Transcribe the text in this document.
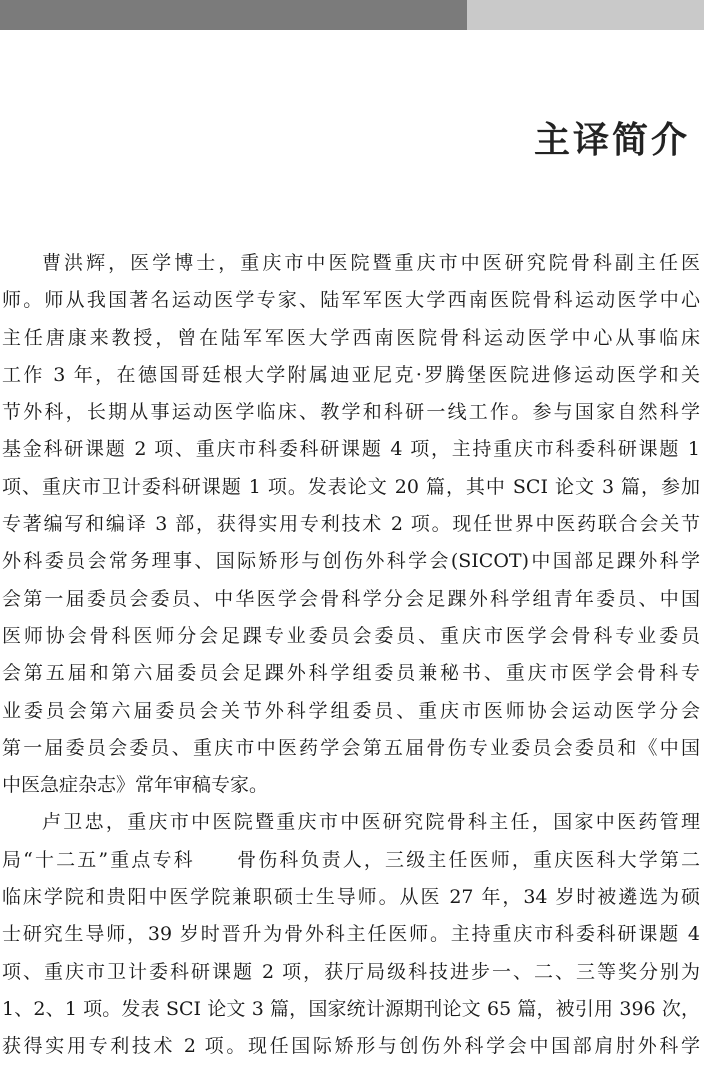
主译简介
曹洪辉，医学博士，重庆市中医院暨重庆市中医研究院骨科副主任医
师。师从我国著名运动医学专家、陆军军医大学西南医院骨科运动医学中心
主任唐康来教授，曾在陆军军医大学西南医院骨科运动医学中心从事临床
工作 3 年，在德国哥廷根大学附属迪亚尼克·罗腾堡医院进修运动医学和关
节外科，长期从事运动医学临床、教学和科研一线工作。参与国家自然科学
基金科研课题 2 项、重庆市科委科研课题 4 项，主持重庆市科委科研课题 1
项、重庆市卫计委科研课题 1 项。发表论文 20 篇，其中 SCI 论文 3 篇，参加
专著编写和编译 3 部，获得实用专利技术 2 项。现任世界中医药联合会关节
外科委员会常务理事、国际矫形与创伤外科学会(SICOT)中国部足踝外科学
会第一届委员会委员、中华医学会骨科学分会足踝外科学组青年委员、中国
医师协会骨科医师分会足踝专业委员会委员、重庆市医学会骨科专业委员
会第五届和第六届委员会足踝外科学组委员兼秘书、重庆市医学会骨科专
业委员会第六届委员会关节外科学组委员、重庆市医师协会运动医学分会
第一届委员会委员、重庆市中医药学会第五届骨伤专业委员会委员和《中国
中医急症杂志》常年审稿专家。
卢卫忠，重庆市中医院暨重庆市中医研究院骨科主任，国家中医药管理
局“十二五”重点专科　　骨伤科负责人，三级主任医师，重庆医科大学第二
临床学院和贵阳中医学院兼职硕士生导师。从医 27 年，34 岁时被遴选为硕
士研究生导师，39 岁时晋升为骨外科主任医师。主持重庆市科委科研课题 4
项、重庆市卫计委科研课题 2 项，获厅局级科技进步一、二、三等奖分别为
1、2、1 项。发表 SCI 论文 3 篇，国家统计源期刊论文 65 篇，被引用 396 次，
获得实用专利技术 2 项。现任国际矫形与创伤外科学会中国部肩肘外科学
